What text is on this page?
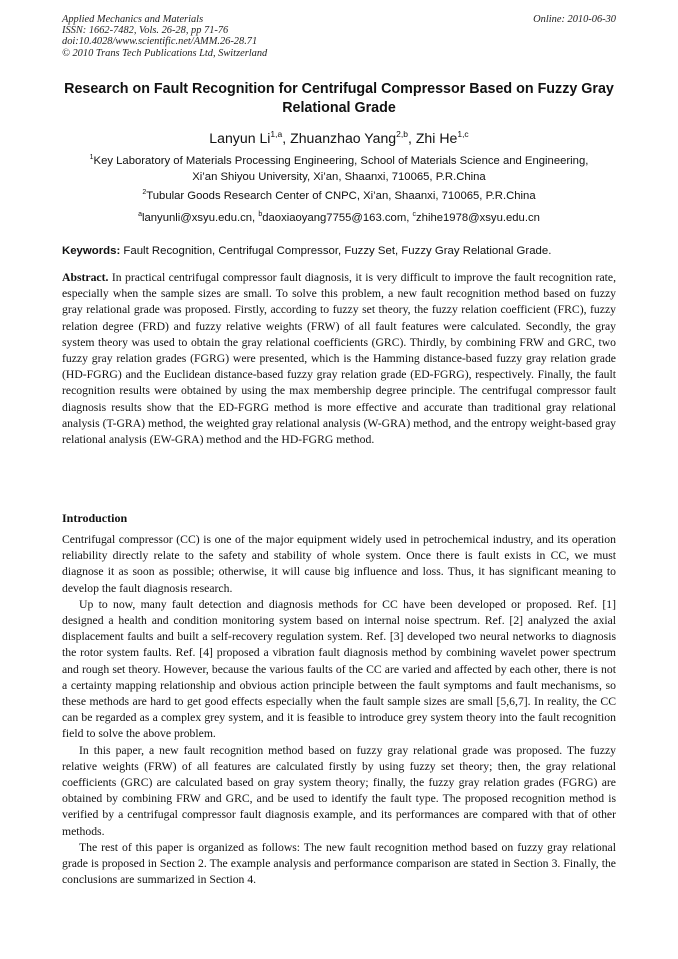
Applied Mechanics and Materials
ISSN: 1662-7482, Vols. 26-28, pp 71-76
doi:10.4028/www.scientific.net/AMM.26-28.71
© 2010 Trans Tech Publications Ltd, Switzerland
Online: 2010-06-30
Research on Fault Recognition for Centrifugal Compressor Based on Fuzzy Gray Relational Grade
Lanyun Li$^{1,a}$, Zhuanzhao Yang$^{2,b}$, Zhi He$^{1,c}$
$^1$Key Laboratory of Materials Processing Engineering, School of Materials Science and Engineering,
Xi’an Shiyou University, Xi’an, Shaanxi, 710065, P.R.China
$^2$Tubular Goods Research Center of CNPC, Xi’an, Shaanxi, 710065, P.R.China
$^a$lanyunli@xsyu.edu.cn, $^b$daoxiaoyang7755@163.com, $^c$zhihe1978@xsyu.edu.cn
Keywords: Fault Recognition, Centrifugal Compressor, Fuzzy Set, Fuzzy Gray Relational Grade.
Abstract. In practical centrifugal compressor fault diagnosis, it is very difficult to improve the fault recognition rate, especially when the sample sizes are small. To solve this problem, a new fault recognition method based on fuzzy gray relational grade was proposed. Firstly, according to fuzzy set theory, the fuzzy relation coefficient (FRC), fuzzy relation degree (FRD) and fuzzy relative weights (FRW) of all fault features were calculated. Secondly, the gray system theory was used to obtain the gray relational coefficients (GRC). Thirdly, by combining FRW and GRC, two fuzzy gray relation grades (FGRG) were presented, which is the Hamming distance-based fuzzy gray relation grade (HD-FGRG) and the Euclidean distance-based fuzzy gray relation grade (ED-FGRG), respectively. Finally, the fault recognition results were obtained by using the max membership degree principle. The centrifugal compressor fault diagnosis results show that the ED-FGRG method is more effective and accurate than traditional gray relational analysis (T-GRA) method, the weighted gray relational analysis (W-GRA) method, and the entropy weight-based gray relational analysis (EW-GRA) method and the HD-FGRG method.
Introduction

Centrifugal compressor (CC) is one of the major equipment widely used in petrochemical industry, and its operation reliability directly relate to the safety and stability of whole system. Once there is fault exists in CC, we must diagnose it as soon as possible; otherwise, it will cause big influence and loss. Thus, it has significant meaning to develop the fault diagnosis research.

Up to now, many fault detection and diagnosis methods for CC have been developed or proposed. Ref. [1] designed a health and condition monitoring system based on internal noise spectrum. Ref. [2] analyzed the axial displacement faults and built a self-recovery regulation system. Ref. [3] developed two neural networks to diagnosis the rotor system faults. Ref. [4] proposed a vibration fault diagnosis method by combining wavelet power spectrum and rough set theory. However, because the various faults of the CC are varied and affected by each other, there is not a certainty mapping relationship and obvious action principle between the fault symptoms and fault mechanisms, so these methods are hard to get good effects especially when the fault sample sizes are small [5,6,7]. In reality, the CC can be regarded as a complex grey system, and it is feasible to introduce grey system theory into the fault recognition field to solve the above problem.

In this paper, a new fault recognition method based on fuzzy gray relational grade was proposed. The fuzzy relative weights (FRW) of all features are calculated firstly by using fuzzy set theory; then, the gray relational coefficients (GRC) are calculated based on gray system theory; finally, the fuzzy gray relation grades (FGRG) are obtained by combining FRW and GRC, and be used to identify the fault type. The proposed recognition method is verified by a centrifugal compressor fault diagnosis example, and its performances are compared with that of other methods.

The rest of this paper is organized as follows: The new fault recognition method based on fuzzy gray relational grade is proposed in Section 2. The example analysis and performance comparison are stated in Section 3. Finally, the conclusions are summarized in Section 4.
